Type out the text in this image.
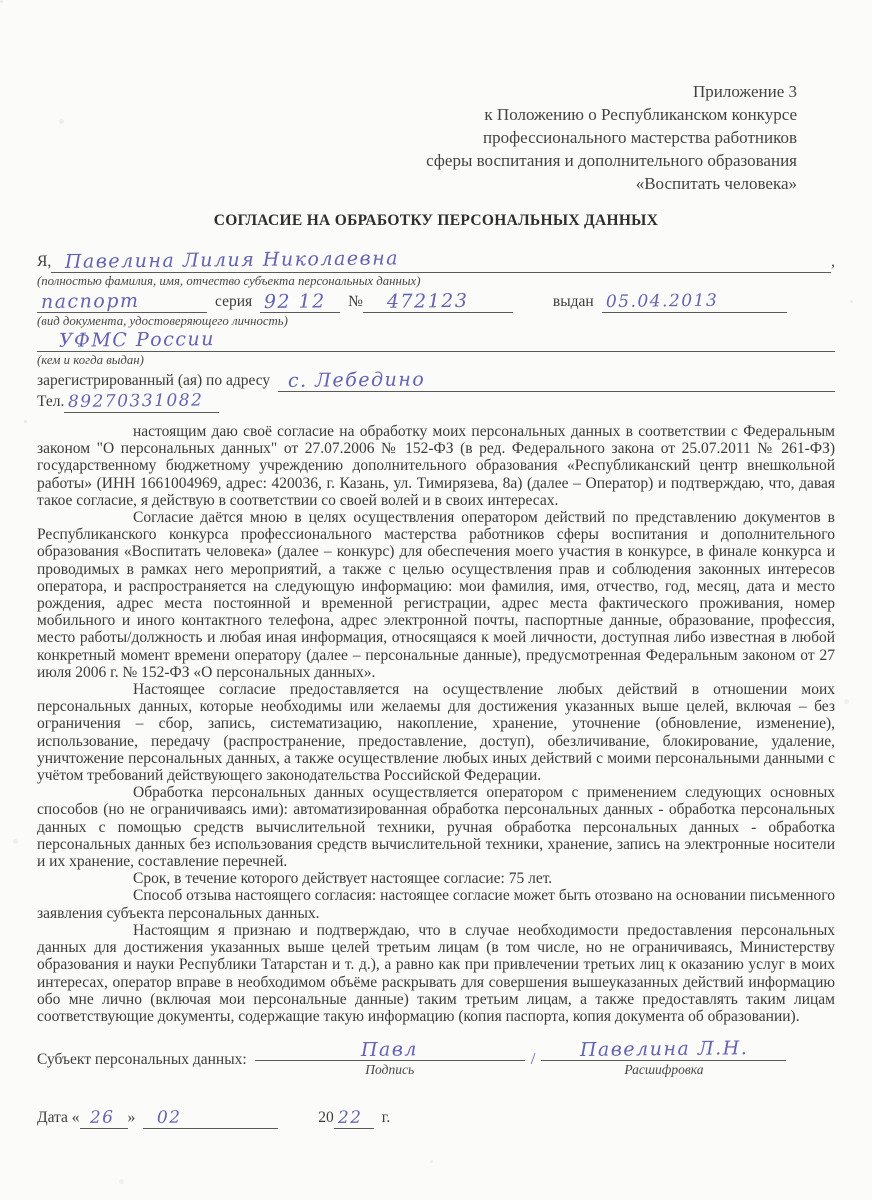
Приложение 3
к Положению о Республиканском конкурсе
профессионального мастерства работников
сферы воспитания и дополнительного образования
«Воспитать человека»
СОГЛАСИЕ НА ОБРАБОТКУ ПЕРСОНАЛЬНЫХ ДАННЫХ
Я, Павелина Лилия Николаевна	,
(полностью фамилия, имя, отчество субъекта персональных данных)
паспорт	серия 92 12 №	472123	выдан 05.04.2013
(вид документа, удостоверяющего личность)
УФМС России
(кем и когда выдан)
зарегистрированный (ая) по адресу с. Лебедино
Тел. 89270331082

настоящим даю своё согласие на обработку моих персональных данных в соответствии с Федеральным законом "О персональных данных" от 27.07.2006 № 152-ФЗ (в ред. Федерального закона от 25.07.2011 № 261-ФЗ) государственному бюджетному учреждению дополнительного образования «Республиканский центр внешкольной работы» (ИНН 1661004969, адрес: 420036, г. Казань, ул. Тимирязева, 8а) (далее – Оператор) и подтверждаю, что, давая такое согласие, я действую в соответствии со своей волей и в своих интересах.

Согласие даётся мною в целях осуществления оператором действий по представлению документов в Республиканского конкурса профессионального мастерства работников сферы воспитания и дополнительного образования «Воспитать человека» (далее – конкурс) для обеспечения моего участия в конкурсе, в финале конкурса и проводимых в рамках него мероприятий, а также с целью осуществления прав и соблюдения законных интересов оператора, и распространяется на следующую информацию: мои фамилия, имя, отчество, год, месяц, дата и место рождения, адрес места постоянной и временной регистрации, адрес места фактического проживания, номер мобильного и иного контактного телефона, адрес электронной почты, паспортные данные, образование, профессия, место работы/должность и любая иная информация, относящаяся к моей личности, доступная либо известная в любой конкретный момент времени оператору (далее – персональные данные), предусмотренная Федеральным законом от 27 июля 2006 г. № 152-ФЗ «О персональных данных».

Настоящее согласие предоставляется на осуществление любых действий в отношении моих персональных данных, которые необходимы или желаемы для достижения указанных выше целей, включая – без ограничения – сбор, запись, систематизацию, накопление, хранение, уточнение (обновление, изменение), использование, передачу (распространение, предоставление, доступ), обезличивание, блокирование, удаление, уничтожение персональных данных, а также осуществление любых иных действий с моими персональными данными с учётом требований действующего законодательства Российской Федерации.

Обработка персональных данных осуществляется оператором с применением следующих основных способов (но не ограничиваясь ими): автоматизированная обработка персональных данных - обработка персональных данных с помощью средств вычислительной техники, ручная обработка персональных данных - обработка персональных данных без использования средств вычислительной техники, хранение, запись на электронные носители и их хранение, составление перечней.

Срок, в течение которого действует настоящее согласие: 75 лет.

Способ отзыва настоящего согласия: настоящее согласие может быть отозвано на основании письменного заявления субъекта персональных данных.

Настоящим я признаю и подтверждаю, что в случае необходимости предоставления персональных данных для достижения указанных выше целей третьим лицам (в том числе, но не ограничиваясь, Министерству образования и науки Республики Татарстан и т. д.), а равно как при привлечении третьих лиц к оказанию услуг в моих интересах, оператор вправе в необходимом объёме раскрывать для совершения вышеуказанных действий информацию обо мне лично (включая мои персональные данные) таким третьим лицам, а также предоставлять таким лицам соответствующие документы, содержащие такую информацию (копия паспорта, копия документа об образовании).

Субъект персональных данных:	Павл
Подпись
/	Павелина Л.Н.
Расшифровка
Дата « 26 »	02	20 22 г.
